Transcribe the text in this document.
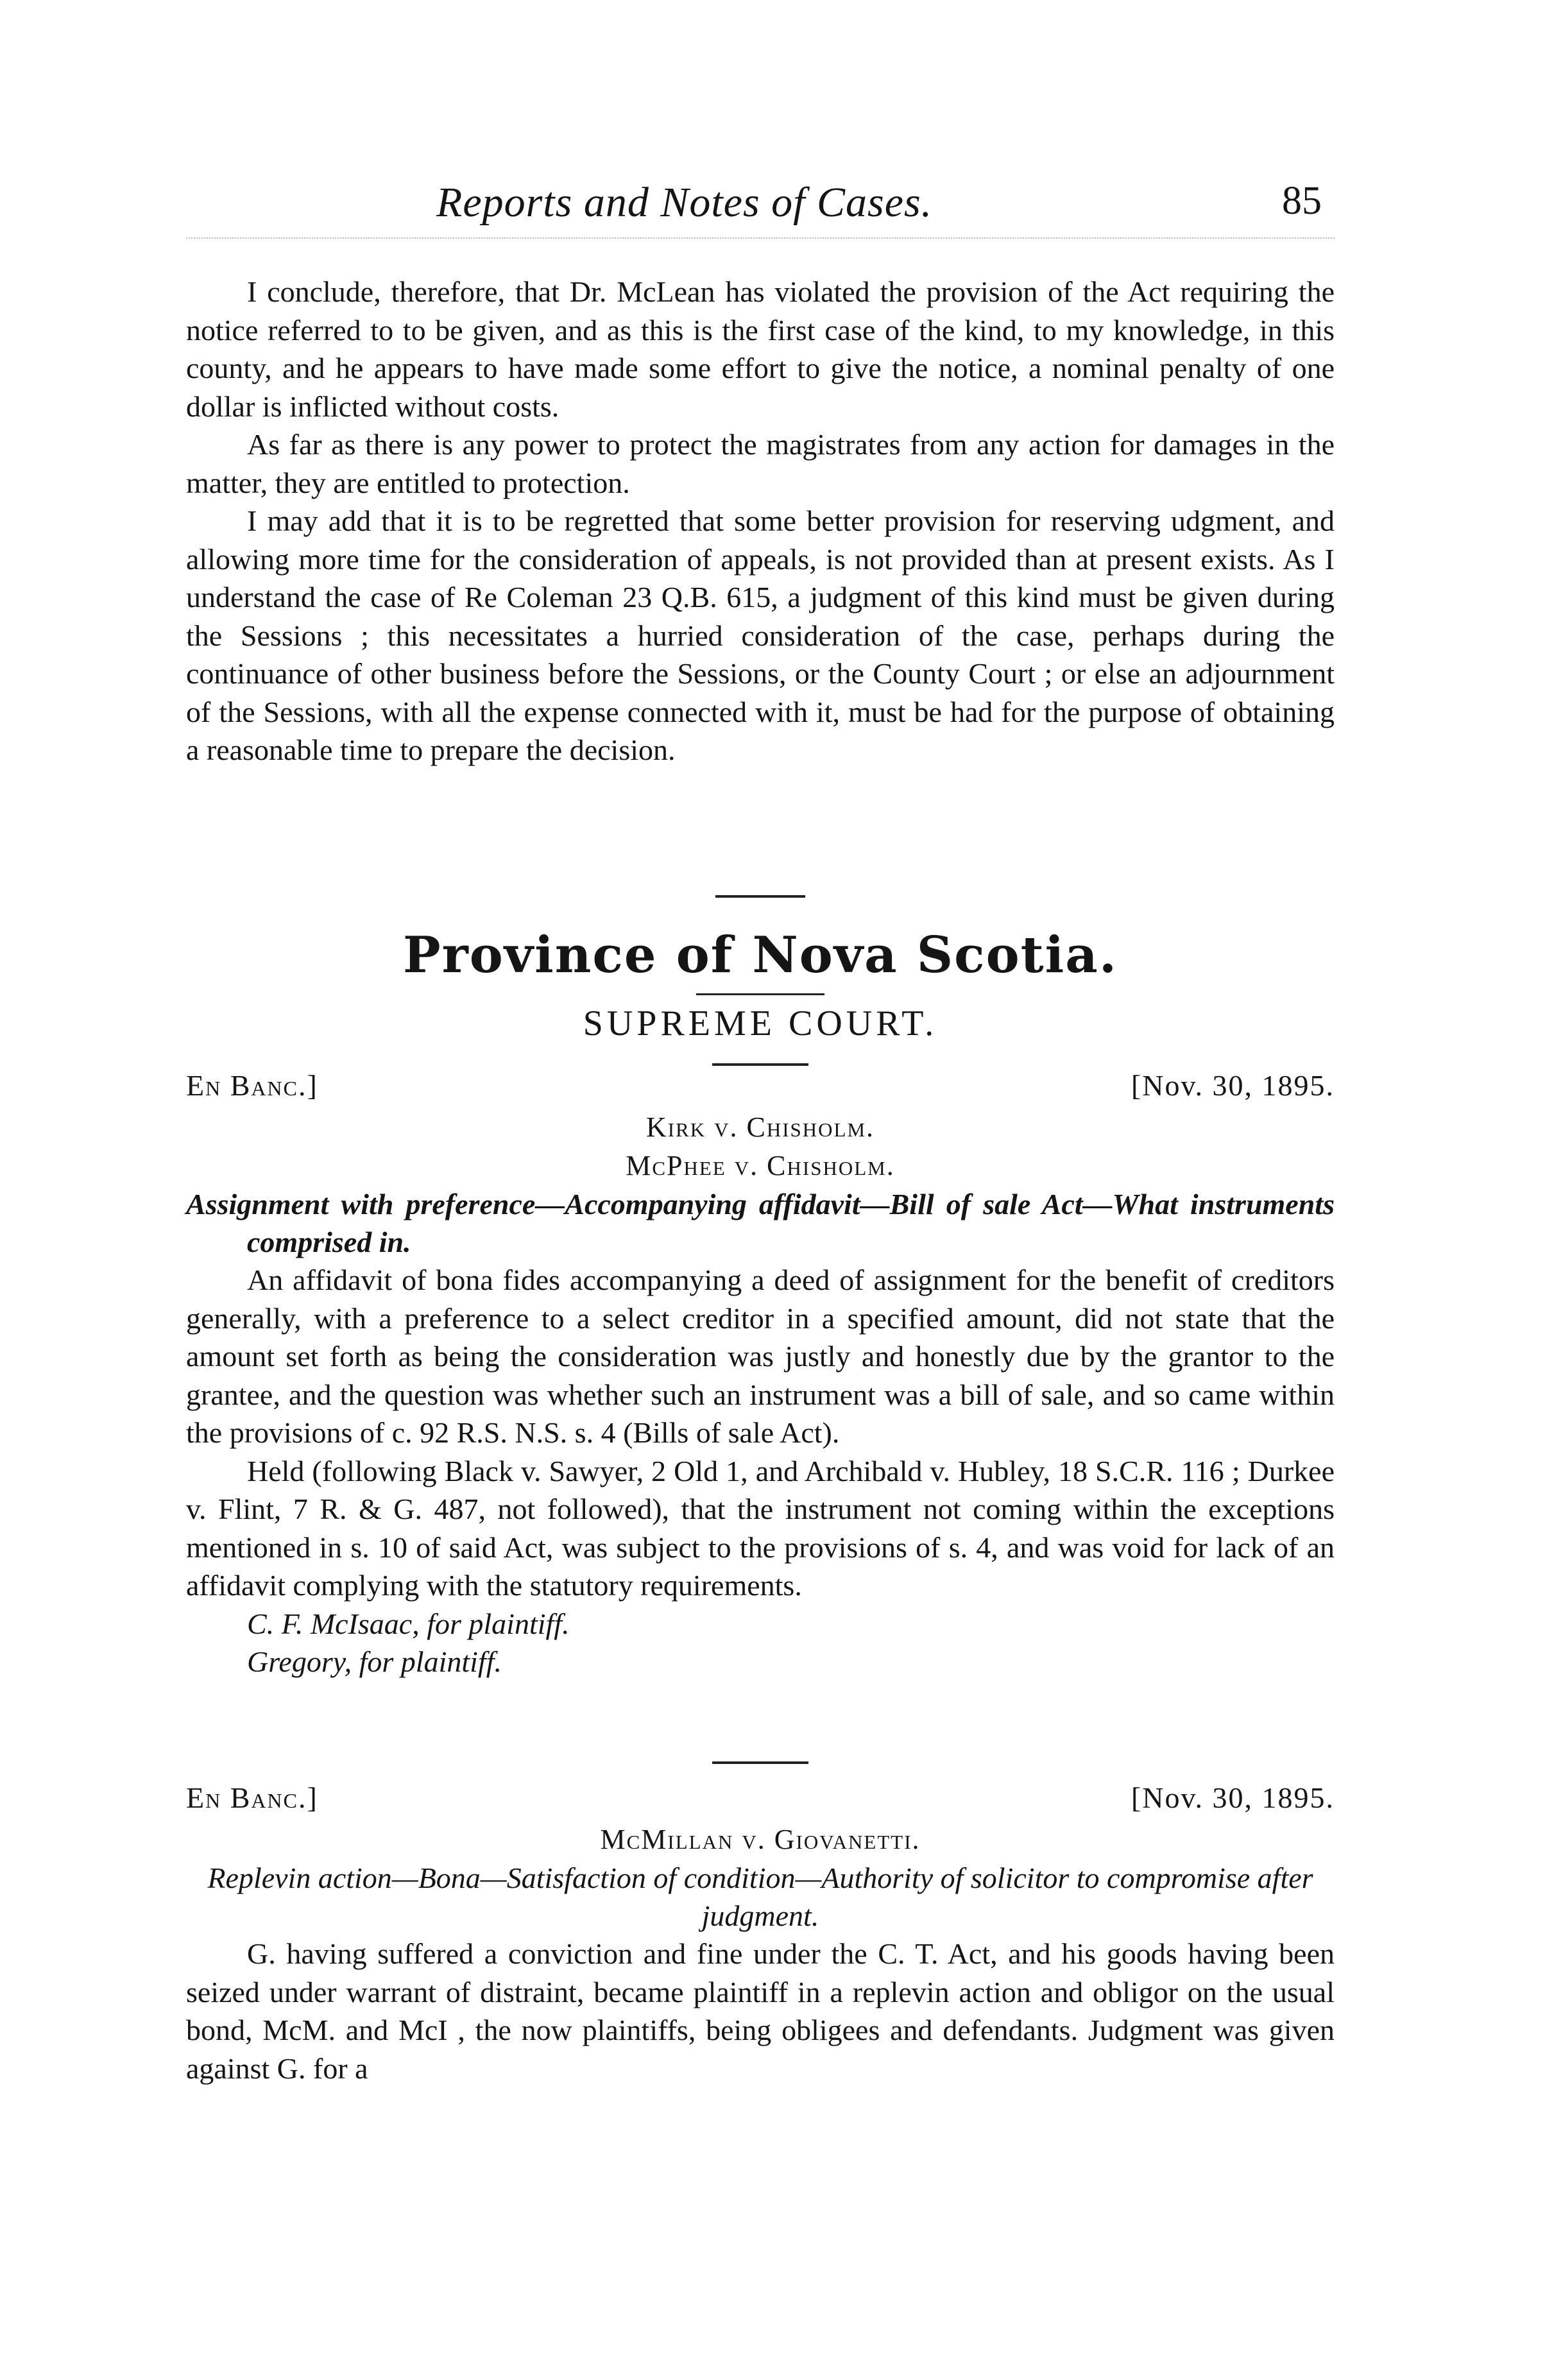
Reports and Notes of Cases.	85

I conclude, therefore, that Dr. McLean has violated the provision of the Act requiring the notice referred to to be given, and as this is the first case of the kind, to my knowledge, in this county, and he appears to have made some effort to give the notice, a nominal penalty of one dollar is inflicted without costs.

As far as there is any power to protect the magistrates from any action for damages in the matter, they are entitled to protection.

I may add that it is to be regretted that some better provision for reserving udgment, and allowing more time for the consideration of appeals, is not provided than at present exists. As I understand the case of Re Coleman 23 Q.B. 615, a judgment of this kind must be given during the Sessions ; this necessitates a hurried consideration of the case, perhaps during the continuance of other business before the Sessions, or the County Court ; or else an adjournment of the Sessions, with all the expense connected with it, must be had for the purpose of obtaining a reasonable time to prepare the decision.

Province of Nova Scotia.
SUPREME COURT.
En Banc.]	[Nov. 30, 1895.
Kirk v. Chisholm.
McPhee v. Chisholm.
Assignment with preference—Accompanying affidavit—Bill of sale Act—What instruments comprised in.

An affidavit of bona fides accompanying a deed of assignment for the benefit of creditors generally, with a preference to a select creditor in a specified amount, did not state that the amount set forth as being the consideration was justly and honestly due by the grantor to the grantee, and the question was whether such an instrument was a bill of sale, and so came within the provisions of c. 92 R.S. N.S. s. 4 (Bills of sale Act).

Held (following Black v. Sawyer, 2 Old 1, and Archibald v. Hubley, 18 S.C.R. 116 ; Durkee v. Flint, 7 R. & G. 487, not followed), that the instrument not coming within the exceptions mentioned in s. 10 of said Act, was subject to the provisions of s. 4, and was void for lack of an affidavit complying with the statutory requirements.

C. F. McIsaac, for plaintiff.
Gregory, for plaintiff.
En Banc.]	[Nov. 30, 1895.
McMillan v. Giovanetti.
Replevin action—Bona—Satisfaction of condition—Authority of solicitor to compromise after judgment.

G. having suffered a conviction and fine under the C. T. Act, and his goods having been seized under warrant of distraint, became plaintiff in a replevin action and obligor on the usual bond, McM. and McI , the now plaintiffs, being obligees and defendants. Judgment was given against G. for a
